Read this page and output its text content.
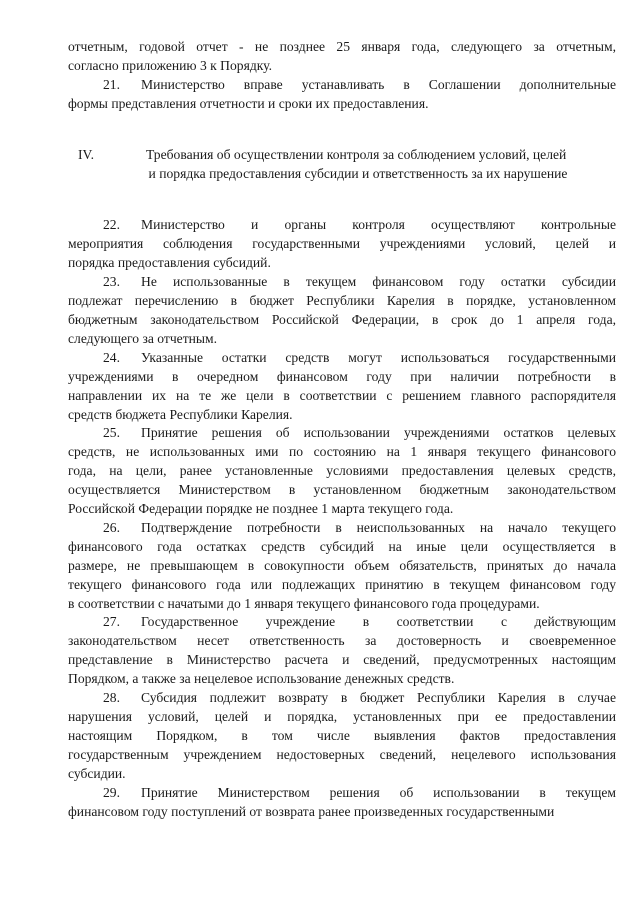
отчетным, годовой отчет - не позднее 25 января года, следующего за отчетным,
согласно приложению 3 к Порядку.
21.	Министерство вправе устанавливать в Соглашении дополнительные
формы представления отчетности и сроки их предоставления.
IV.	Требования об осуществлении контроля за соблюдением условий, целей
и порядка предоставления субсидии и ответственность за их нарушение
22.	Министерство и органы контроля осуществляют контрольные
мероприятия соблюдения государственными учреждениями условий, целей и
порядка предоставления субсидий.
23.	Не использованные в текущем финансовом году остатки субсидии
подлежат перечислению в бюджет Республики Карелия в порядке, установленном
бюджетным законодательством Российской Федерации, в срок до 1 апреля года,
следующего за отчетным.
24.	Указанные остатки средств могут использоваться государственными
учреждениями в очередном финансовом году при наличии потребности в
направлении их на те же цели в соответствии с решением главного распорядителя
средств бюджета Республики Карелия.
25.	Принятие решения об использовании учреждениями остатков целевых
средств, не использованных ими по состоянию на 1 января текущего финансового
года, на цели, ранее установленные условиями предоставления целевых средств,
осуществляется Министерством в установленном бюджетным законодательством
Российской Федерации порядке не позднее 1 марта текущего года.
26.	Подтверждение потребности в неиспользованных на начало текущего
финансового года остатках средств субсидий на иные цели осуществляется в
размере, не превышающем в совокупности объем обязательств, принятых до начала
текущего финансового года или подлежащих принятию в текущем финансовом году
в соответствии с начатыми до 1 января текущего финансового года процедурами.
27.	Государственное учреждение в соответствии с действующим
законодательством несет ответственность за достоверность и своевременное
представление в Министерство расчета и сведений, предусмотренных настоящим
Порядком, а также за нецелевое использование денежных средств.
28.	Субсидия подлежит возврату в бюджет Республики Карелия в случае
нарушения условий, целей и порядка, установленных при ее предоставлении
настоящим Порядком, в том числе выявления фактов предоставления
государственным учреждением недостоверных сведений, нецелевого использования
субсидии.
29.	Принятие Министерством решения об использовании в текущем
финансовом году поступлений от возврата ранее произведенных государственными
